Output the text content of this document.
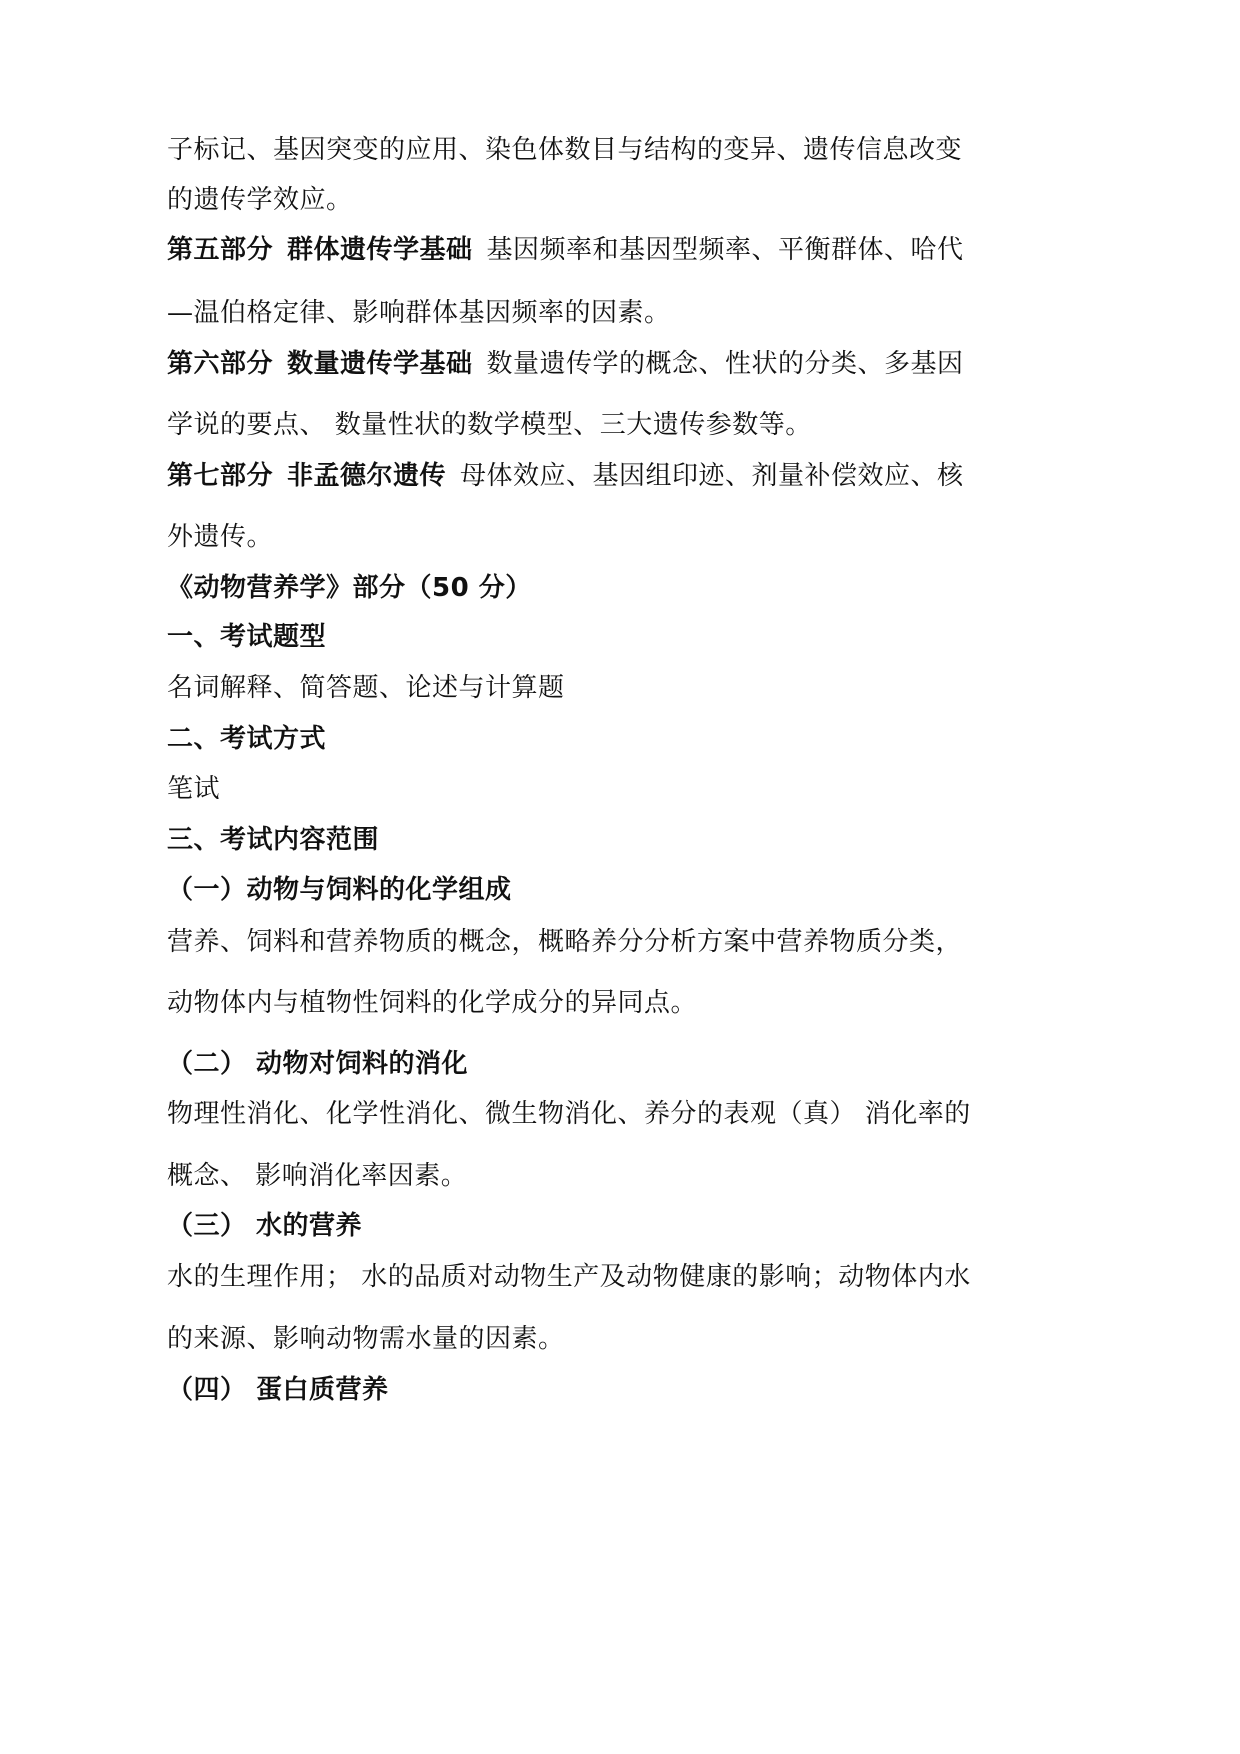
子标记、基因突变的应用、染色体数目与结构的变异、遗传信息改变
的遗传学效应。
第五部分 群体遗传学基础 基因频率和基因型频率、平衡群体、哈代
—温伯格定律、影响群体基因频率的因素。
第六部分 数量遗传学基础 数量遗传学的概念、性状的分类、多基因
学说的要点、 数量性状的数学模型、三大遗传参数等。
第七部分 非孟德尔遗传 母体效应、基因组印迹、剂量补偿效应、核
外遗传。
《动物营养学》部分（50 分）
一、考试题型
名词解释、简答题、论述与计算题
二、考试方式
笔试
三、考试内容范围
（一）动物与饲料的化学组成
营养、饲料和营养物质的概念，概略养分分析方案中营养物质分类，
动物体内与植物性饲料的化学成分的异同点。
（二） 动物对饲料的消化
物理性消化、化学性消化、微生物消化、养分的表观（真） 消化率的
概念、 影响消化率因素。
（三） 水的营养
水的生理作用； 水的品质对动物生产及动物健康的影响；动物体内水
的来源、影响动物需水量的因素。
（四） 蛋白质营养
